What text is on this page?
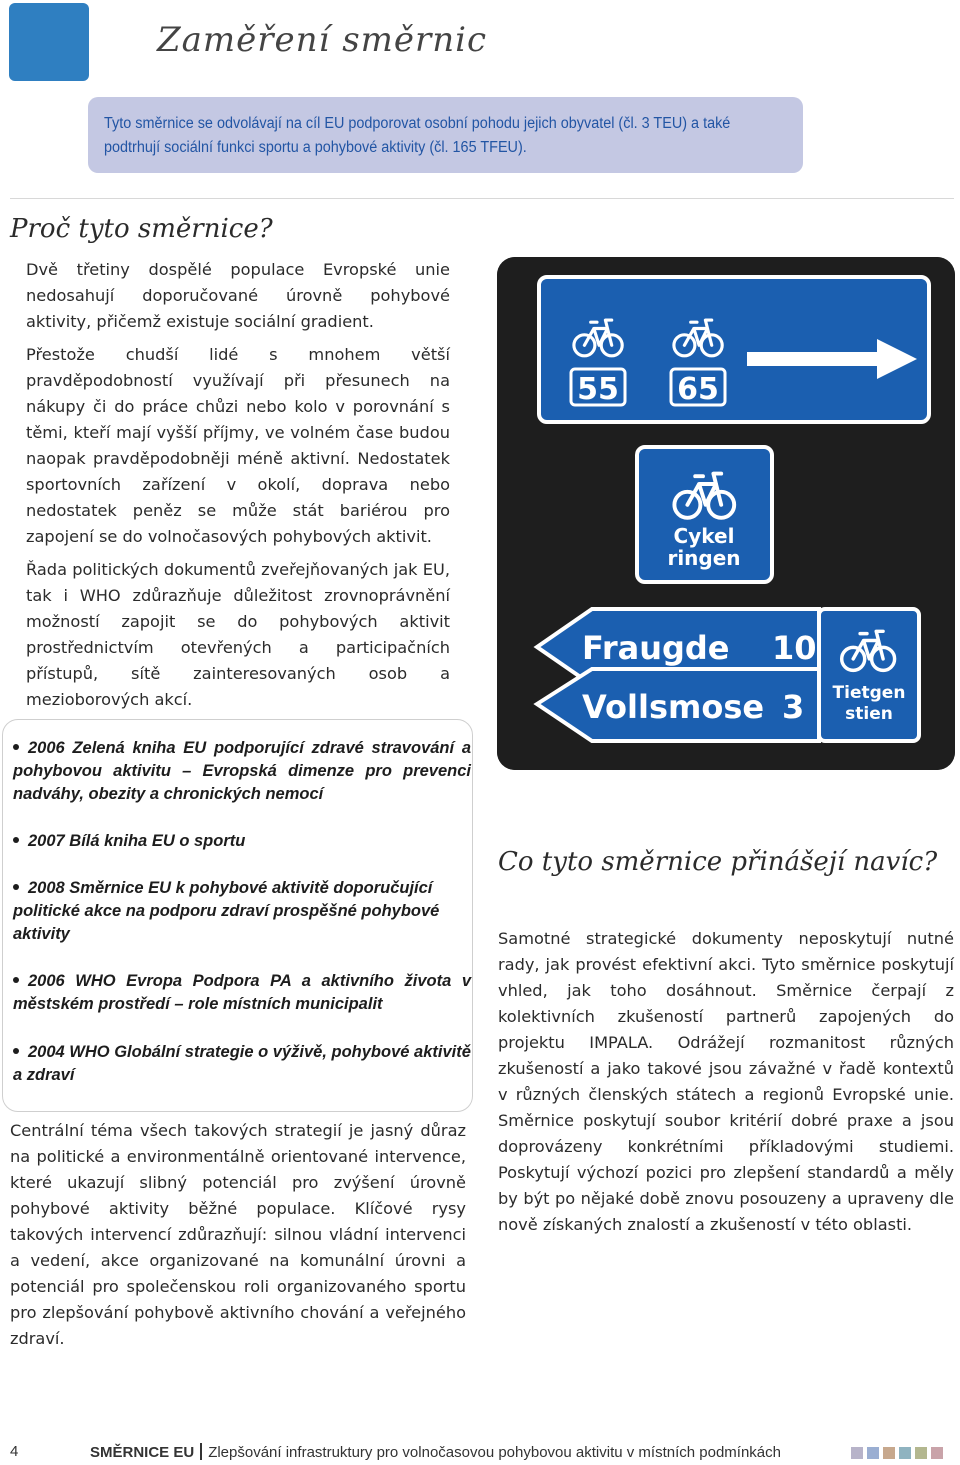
Zaměření směrnic
Tyto směrnice se odvolávají na cíl EU podporovat osobní pohodu jejich obyvatel (čl. 3 TEU) a také podtrhují sociální funkci sportu a pohybové aktivity (čl. 165 TFEU).
Proč tyto směrnice?
Dvě třetiny dospělé populace Evropské unie nedosahují doporučované úrovně pohybové aktivity, přičemž existuje sociální gradient.
Přestože chudší lidé s mnohem větší pravděpodobností využívají při přesunech na nákupy či do práce chůzi nebo kolo v porovnání s těmi, kteří mají vyšší příjmy, ve volném čase budou naopak pravděpodobněji méně aktivní. Nedostatek sportovních zařízení v okolí, doprava nebo nedostatek peněz se může stát bariérou pro zapojení se do volnočasových pohybových aktivit.
Řada politických dokumentů zveřejňovaných jak EU, tak i WHO zdůrazňuje důležitost zrovnoprávnění možností zapojit se do pohybových aktivit prostřednictvím otevřených a participačních přístupů, sítě zainteresovaných osob a mezioborových akcí.
2006 Zelená kniha EU podporující zdravé stravování a pohybovou aktivitu – Evropská dimenze pro prevenci nadváhy, obezity a chronických nemocí
2007 Bílá kniha EU o sportu
2008 Směrnice EU k pohybové aktivitě doporučující politické akce na podporu zdraví prospěšné pohybové aktivity
2006 WHO Evropa Podpora PA a aktivního života v městském prostředí – role místních municipalit
2004 WHO Globální strategie o výživě, pohybové aktivitě a zdraví
Centrální téma všech takových strategií je jasný důraz na politické a environmentálně orientované intervence, které ukazují slibný potenciál pro zvýšení úrovně pohybové aktivity běžné populace. Klíčové rysy takových intervencí zdůrazňují: silnou vládní intervenci a vedení, akce organizované na komunální úrovni a potenciál pro společenskou roli organizovaného sportu pro zlepšování pohybově aktivního chování a veřejného zdraví.
55 65
Cykel
ringen
Fraugde 10
Vollsmose 3 Tietgen
stien
Co tyto směrnice přinášejí navíc?
Samotné strategické dokumenty neposkytují nutné rady, jak provést efektivní akci. Tyto směrnice poskytují vhled, jak toho dosáhnout. Směrnice čerpají z kolektivních zkušeností partnerů zapojených do projektu IMPALA. Odrážejí rozmanitost různých zkušeností a jako takové jsou závažné v řadě kontextů v různých členských státech a regionů Evropské unie. Směrnice poskytují soubor kritérií dobré praxe a jsou doprovázeny konkrétními příkladovými studiemi. Poskytují výchozí pozici pro zlepšení standardů a měly by být po nějaké době znovu posouzeny a upraveny dle nově získaných znalostí a zkušeností v této oblasti.
4	SMĚRNICE EU Zlepšování infrastruktury pro volnočasovou pohybovou aktivitu v místních podmínkách
